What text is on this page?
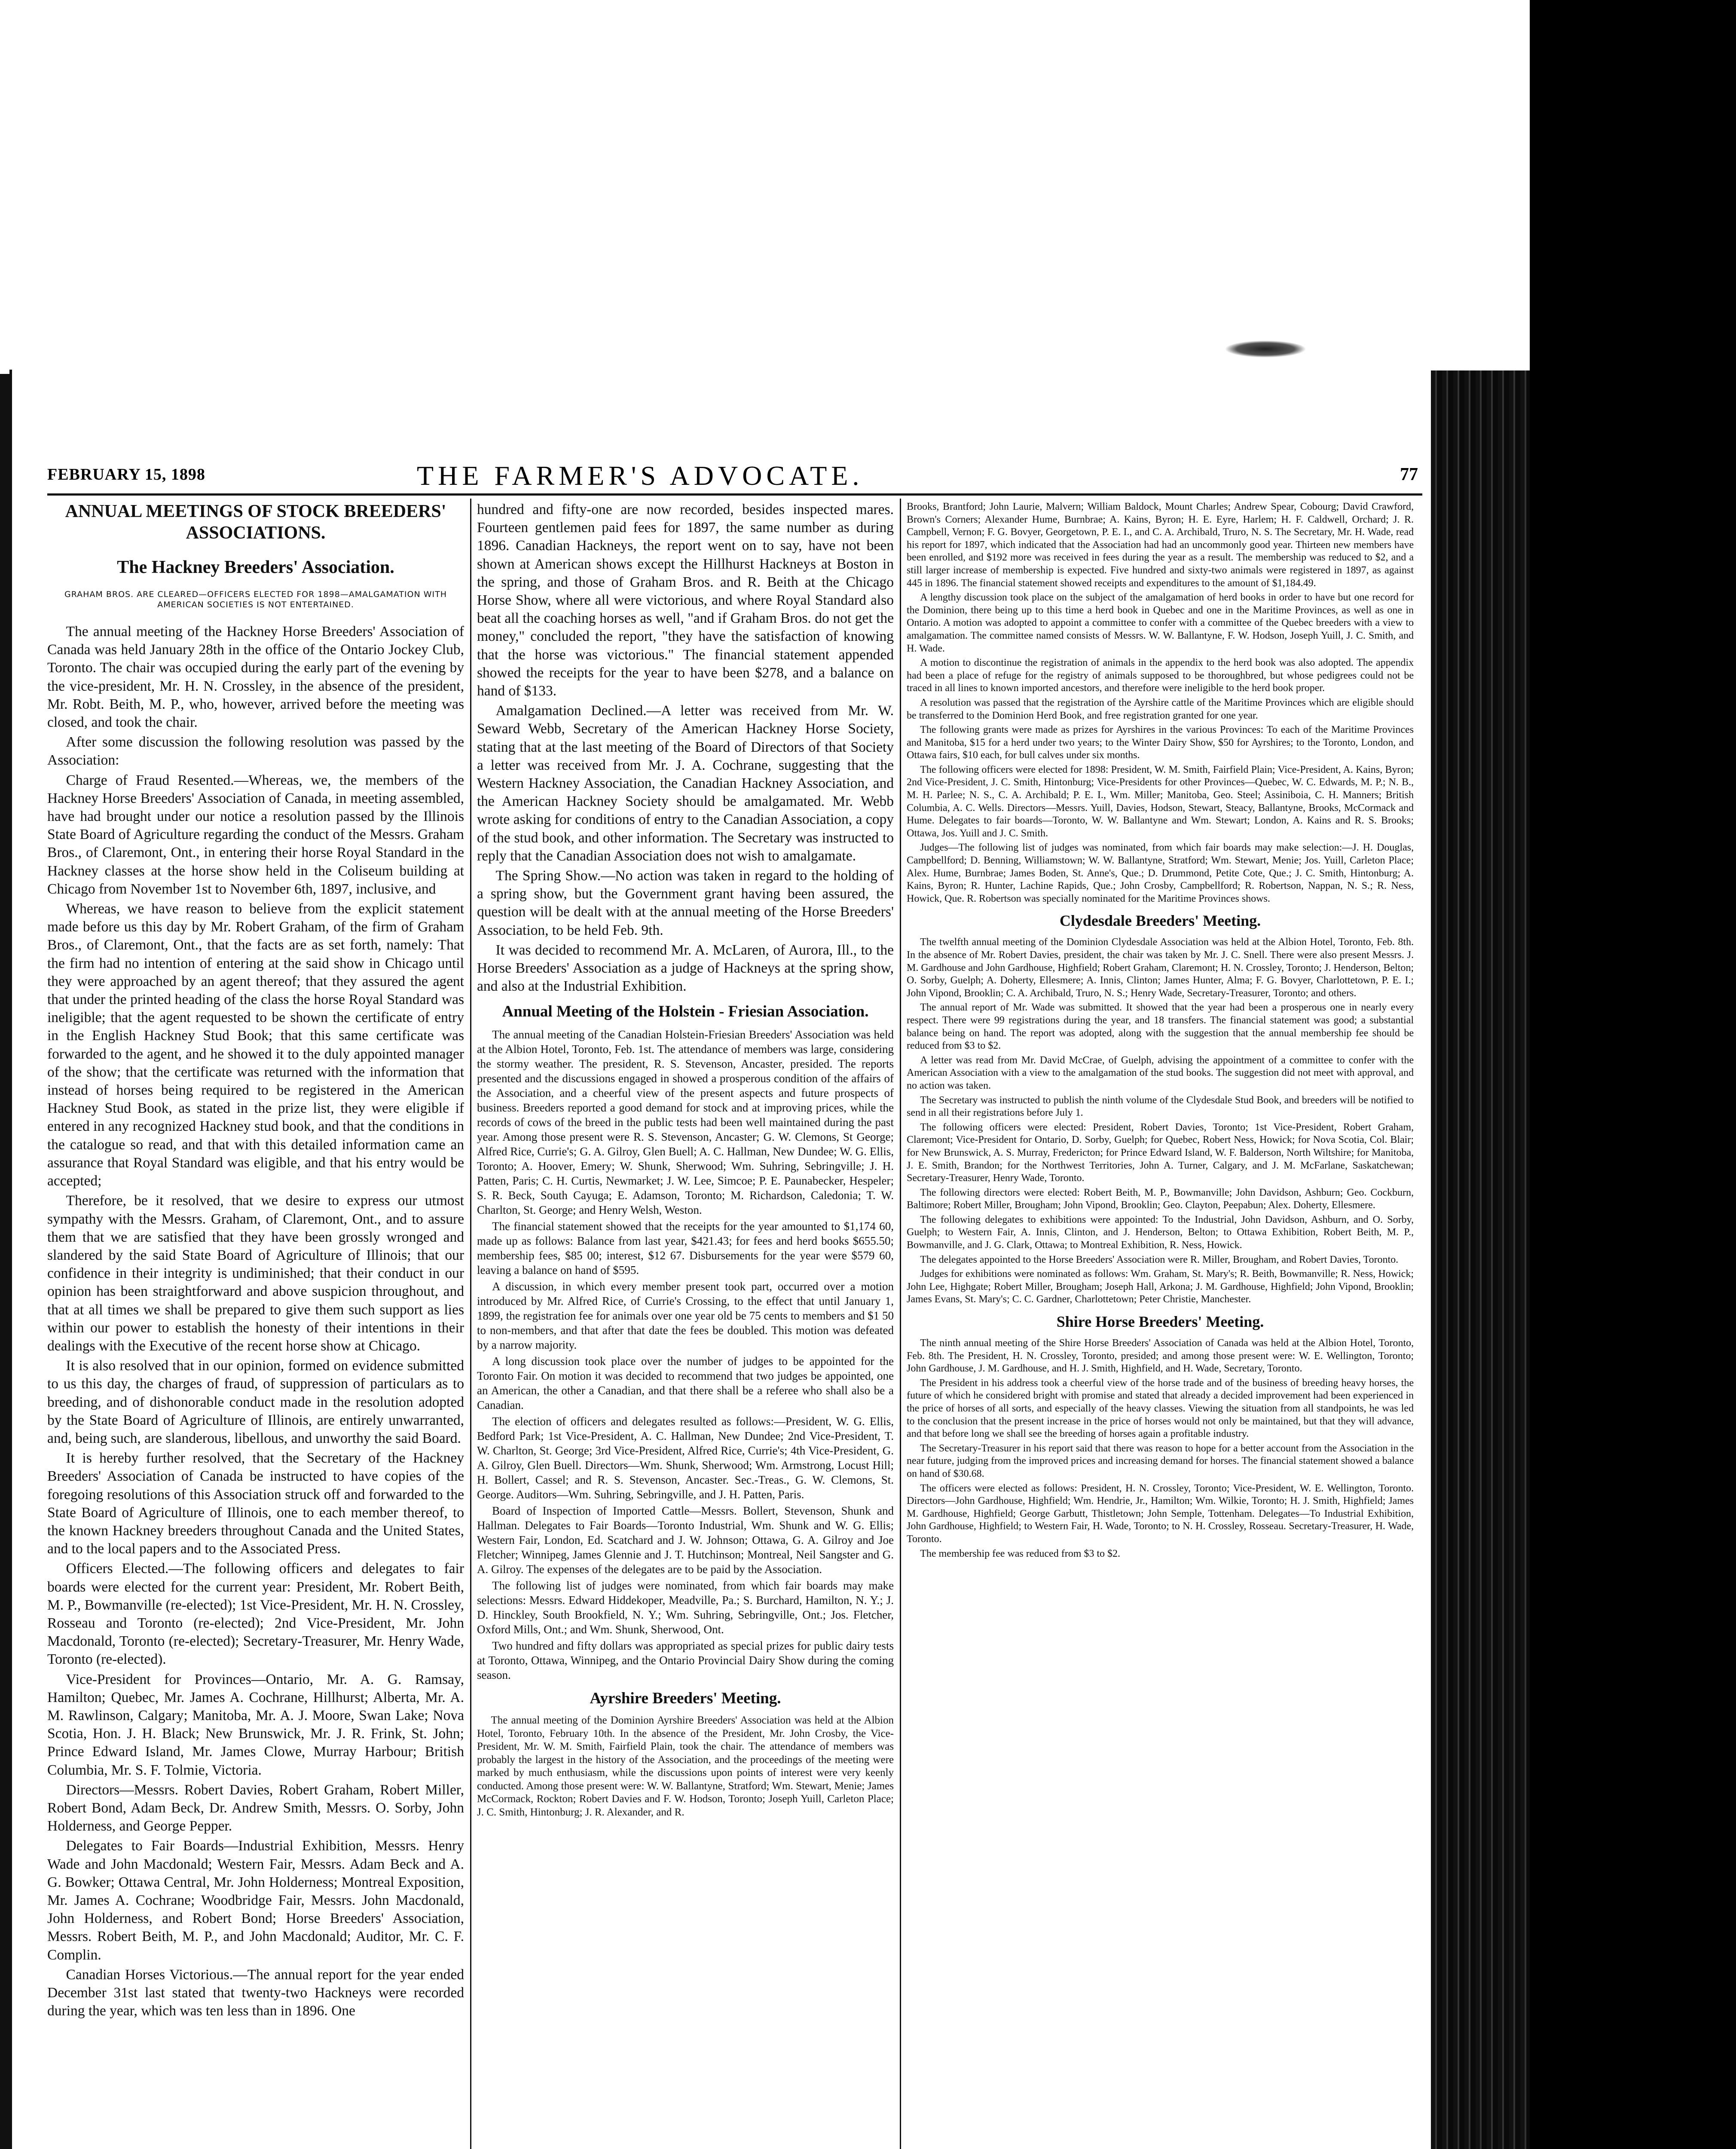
FEBRUARY 15, 1898	THE FARMER'S ADVOCATE.	77
ANNUAL MEETINGS OF STOCK BREEDERS' ASSOCIATIONS.
The Hackney Breeders' Association.
GRAHAM BROS. ARE CLEARED—OFFICERS ELECTED FOR 1898—AMALGAMATION WITH AMERICAN SOCIETIES IS NOT ENTERTAINED.

The annual meeting of the Hackney Horse Breeders' Association of Canada was held January 28th in the office of the Ontario Jockey Club, Toronto. The chair was occupied during the early part of the evening by the vice-president, Mr. H. N. Crossley, in the absence of the president, Mr. Robt. Beith, M. P., who, however, arrived before the meeting was closed, and took the chair.

After some discussion the following resolution was passed by the Association:

Charge of Fraud Resented.—Whereas, we, the members of the Hackney Horse Breeders' Association of Canada, in meeting assembled, have had brought under our notice a resolution passed by the Illinois State Board of Agriculture regarding the conduct of the Messrs. Graham Bros., of Claremont, Ont., in entering their horse Royal Standard in the Hackney classes at the horse show held in the Coliseum building at Chicago from November 1st to November 6th, 1897, inclusive, and

Whereas, we have reason to believe from the explicit statement made before us this day by Mr. Robert Graham, of the firm of Graham Bros., of Claremont, Ont., that the facts are as set forth, namely: That the firm had no intention of entering at the said show in Chicago until they were approached by an agent thereof; that they assured the agent that under the printed heading of the class the horse Royal Standard was ineligible; that the agent requested to be shown the certificate of entry in the English Hackney Stud Book; that this same certificate was forwarded to the agent, and he showed it to the duly appointed manager of the show; that the certificate was returned with the information that instead of horses being required to be registered in the American Hackney Stud Book, as stated in the prize list, they were eligible if entered in any recognized Hackney stud book, and that the conditions in the catalogue so read, and that with this detailed information came an assurance that Royal Standard was eligible, and that his entry would be accepted;

Therefore, be it resolved, that we desire to express our utmost sympathy with the Messrs. Graham, of Claremont, Ont., and to assure them that we are satisfied that they have been grossly wronged and slandered by the said State Board of Agriculture of Illinois; that our confidence in their integrity is undiminished; that their conduct in our opinion has been straightforward and above suspicion throughout, and that at all times we shall be prepared to give them such support as lies within our power to establish the honesty of their intentions in their dealings with the Executive of the recent horse show at Chicago.

It is also resolved that in our opinion, formed on evidence submitted to us this day, the charges of fraud, of suppression of particulars as to breeding, and of dishonorable conduct made in the resolution adopted by the State Board of Agriculture of Illinois, are entirely unwarranted, and, being such, are slanderous, libellous, and unworthy the said Board.

It is hereby further resolved, that the Secretary of the Hackney Breeders' Association of Canada be instructed to have copies of the foregoing resolutions of this Association struck off and forwarded to the State Board of Agriculture of Illinois, one to each member thereof, to the known Hackney breeders throughout Canada and the United States, and to the local papers and to the Associated Press.

Officers Elected.—The following officers and delegates to fair boards were elected for the current year: President, Mr. Robert Beith, M. P., Bowmanville (re-elected); 1st Vice-President, Mr. H. N. Crossley, Rosseau and Toronto (re-elected); 2nd Vice-President, Mr. John Macdonald, Toronto (re-elected); Secretary-Treasurer, Mr. Henry Wade, Toronto (re-elected).

Vice-President for Provinces—Ontario, Mr. A. G. Ramsay, Hamilton; Quebec, Mr. James A. Cochrane, Hillhurst; Alberta, Mr. A. M. Rawlinson, Calgary; Manitoba, Mr. A. J. Moore, Swan Lake; Nova Scotia, Hon. J. H. Black; New Brunswick, Mr. J. R. Frink, St. John; Prince Edward Island, Mr. James Clowe, Murray Harbour; British Columbia, Mr. S. F. Tolmie, Victoria.

Directors—Messrs. Robert Davies, Robert Graham, Robert Miller, Robert Bond, Adam Beck, Dr. Andrew Smith, Messrs. O. Sorby, John Holderness, and George Pepper.

Delegates to Fair Boards—Industrial Exhibition, Messrs. Henry Wade and John Macdonald; Western Fair, Messrs. Adam Beck and A. G. Bowker; Ottawa Central, Mr. John Holderness; Montreal Exposition, Mr. James A. Cochrane; Woodbridge Fair, Messrs. John Macdonald, John Holderness, and Robert Bond; Horse Breeders' Association, Messrs. Robert Beith, M. P., and John Macdonald; Auditor, Mr. C. F. Complin.

Canadian Horses Victorious.—The annual report for the year ended December 31st last stated that twenty-two Hackneys were recorded during the year, which was ten less than in 1896. One

hundred and fifty-one are now recorded, besides inspected mares. Fourteen gentlemen paid fees for 1897, the same number as during 1896. Canadian Hackneys, the report went on to say, have not been shown at American shows except the Hillhurst Hackneys at Boston in the spring, and those of Graham Bros. and R. Beith at the Chicago Horse Show, where all were victorious, and where Royal Standard also beat all the coaching horses as well, "and if Graham Bros. do not get the money," concluded the report, "they have the satisfaction of knowing that the horse was victorious." The financial statement appended showed the receipts for the year to have been $278, and a balance on hand of $133.

Amalgamation Declined.—A letter was received from Mr. W. Seward Webb, Secretary of the American Hackney Horse Society, stating that at the last meeting of the Board of Directors of that Society a letter was received from Mr. J. A. Cochrane, suggesting that the Western Hackney Association, the Canadian Hackney Association, and the American Hackney Society should be amalgamated. Mr. Webb wrote asking for conditions of entry to the Canadian Association, a copy of the stud book, and other information. The Secretary was instructed to reply that the Canadian Association does not wish to amalgamate.

The Spring Show.—No action was taken in regard to the holding of a spring show, but the Government grant having been assured, the question will be dealt with at the annual meeting of the Horse Breeders' Association, to be held Feb. 9th.

It was decided to recommend Mr. A. McLaren, of Aurora, Ill., to the Horse Breeders' Association as a judge of Hackneys at the spring show, and also at the Industrial Exhibition.

Annual Meeting of the Holstein - Friesian Association.

The annual meeting of the Canadian Holstein-Friesian Breeders' Association was held at the Albion Hotel, Toronto, Feb. 1st. The attendance of members was large, considering the stormy weather. The president, R. S. Stevenson, Ancaster, presided. The reports presented and the discussions engaged in showed a prosperous condition of the affairs of the Association, and a cheerful view of the present aspects and future prospects of business. Breeders reported a good demand for stock and at improving prices, while the records of cows of the breed in the public tests had been well maintained during the past year. Among those present were R. S. Stevenson, Ancaster; G. W. Clemons, St George; Alfred Rice, Currie's; G. A. Gilroy, Glen Buell; A. C. Hallman, New Dundee; W. G. Ellis, Toronto; A. Hoover, Emery; W. Shunk, Sherwood; Wm. Suhring, Sebringville; J. H. Patten, Paris; C. H. Curtis, Newmarket; J. W. Lee, Simcoe; P. E. Paunabecker, Hespeler; S. R. Beck, South Cayuga; E. Adamson, Toronto; M. Richardson, Caledonia; T. W. Charlton, St. George; and Henry Welsh, Weston.

The financial statement showed that the receipts for the year amounted to $1,174 60, made up as follows: Balance from last year, $421.43; for fees and herd books $655.50; membership fees, $85 00; interest, $12 67. Disbursements for the year were $579 60, leaving a balance on hand of $595.

A discussion, in which every member present took part, occurred over a motion introduced by Mr. Alfred Rice, of Currie's Crossing, to the effect that until January 1, 1899, the registration fee for animals over one year old be 75 cents to members and $1 50 to non-members, and that after that date the fees be doubled. This motion was defeated by a narrow majority.

A long discussion took place over the number of judges to be appointed for the Toronto Fair. On motion it was decided to recommend that two judges be appointed, one an American, the other a Canadian, and that there shall be a referee who shall also be a Canadian.

The election of officers and delegates resulted as follows:—President, W. G. Ellis, Bedford Park; 1st Vice-President, A. C. Hallman, New Dundee; 2nd Vice-President, T. W. Charlton, St. George; 3rd Vice-President, Alfred Rice, Currie's; 4th Vice-President, G. A. Gilroy, Glen Buell. Directors—Wm. Shunk, Sherwood; Wm. Armstrong, Locust Hill; H. Bollert, Cassel; and R. S. Stevenson, Ancaster. Sec.-Treas., G. W. Clemons, St. George. Auditors—Wm. Suhring, Sebringville, and J. H. Patten, Paris.

Board of Inspection of Imported Cattle—Messrs. Bollert, Stevenson, Shunk and Hallman. Delegates to Fair Boards—Toronto Industrial, Wm. Shunk and W. G. Ellis; Western Fair, London, Ed. Scatchard and J. W. Johnson; Ottawa, G. A. Gilroy and Joe Fletcher; Winnipeg, James Glennie and J. T. Hutchinson; Montreal, Neil Sangster and G. A. Gilroy. The expenses of the delegates are to be paid by the Association.

The following list of judges were nominated, from which fair boards may make selections: Messrs. Edward Hiddekoper, Meadville, Pa.; S. Burchard, Hamilton, N. Y.; J. D. Hinckley, South Brookfield, N. Y.; Wm. Suhring, Sebringville, Ont.; Jos. Fletcher, Oxford Mills, Ont.; and Wm. Shunk, Sherwood, Ont.

Two hundred and fifty dollars was appropriated as special prizes for public dairy tests at Toronto, Ottawa, Winnipeg, and the Ontario Provincial Dairy Show during the coming season.

Ayrshire Breeders' Meeting.

The annual meeting of the Dominion Ayrshire Breeders' Association was held at the Albion Hotel, Toronto, February 10th. In the absence of the President, Mr. John Crosby, the Vice-President, Mr. W. M. Smith, Fairfield Plain, took the chair. The attendance of members was probably the largest in the history of the Association, and the proceedings of the meeting were marked by much enthusiasm, while the discussions upon points of interest were very keenly conducted. Among those present were: W. W. Ballantyne, Stratford; Wm. Stewart, Menie; James McCormack, Rockton; Robert Davies and F. W. Hodson, Toronto; Joseph Yuill, Carleton Place; J. C. Smith, Hintonburg; J. R. Alexander, and R.

Brooks, Brantford; John Laurie, Malvern; William Baldock, Mount Charles; Andrew Spear, Cobourg; David Crawford, Brown's Corners; Alexander Hume, Burnbrae; A. Kains, Byron; H. E. Eyre, Harlem; H. F. Caldwell, Orchard; J. R. Campbell, Vernon; F. G. Bovyer, Georgetown, P. E. I., and C. A. Archibald, Truro, N. S. The Secretary, Mr. H. Wade, read his report for 1897, which indicated that the Association had had an uncommonly good year. Thirteen new members have been enrolled, and $192 more was received in fees during the year as a result. The membership was reduced to $2, and a still larger increase of membership is expected. Five hundred and sixty-two animals were registered in 1897, as against 445 in 1896. The financial statement showed receipts and expenditures to the amount of $1,184.49.

A lengthy discussion took place on the subject of the amalgamation of herd books in order to have but one record for the Dominion, there being up to this time a herd book in Quebec and one in the Maritime Provinces, as well as one in Ontario. A motion was adopted to appoint a committee to confer with a committee of the Quebec breeders with a view to amalgamation. The committee named consists of Messrs. W. W. Ballantyne, F. W. Hodson, Joseph Yuill, J. C. Smith, and H. Wade.

A motion to discontinue the registration of animals in the appendix to the herd book was also adopted. The appendix had been a place of refuge for the registry of animals supposed to be thoroughbred, but whose pedigrees could not be traced in all lines to known imported ancestors, and therefore were ineligible to the herd book proper.

A resolution was passed that the registration of the Ayrshire cattle of the Maritime Provinces which are eligible should be transferred to the Dominion Herd Book, and free registration granted for one year.

The following grants were made as prizes for Ayrshires in the various Provinces: To each of the Maritime Provinces and Manitoba, $15 for a herd under two years; to the Winter Dairy Show, $50 for Ayrshires; to the Toronto, London, and Ottawa fairs, $10 each, for bull calves under six months.

The following officers were elected for 1898: President, W. M. Smith, Fairfield Plain; Vice-President, A. Kains, Byron; 2nd Vice-President, J. C. Smith, Hintonburg; Vice-Presidents for other Provinces—Quebec, W. C. Edwards, M. P.; N. B., M. H. Parlee; N. S., C. A. Archibald; P. E. I., Wm. Miller; Manitoba, Geo. Steel; Assiniboia, C. H. Manners; British Columbia, A. C. Wells. Directors—Messrs. Yuill, Davies, Hodson, Stewart, Steacy, Ballantyne, Brooks, McCormack and Hume. Delegates to fair boards—Toronto, W. W. Ballantyne and Wm. Stewart; London, A. Kains and R. S. Brooks; Ottawa, Jos. Yuill and J. C. Smith.

Judges—The following list of judges was nominated, from which fair boards may make selection:—J. H. Douglas, Campbellford; D. Benning, Williamstown; W. W. Ballantyne, Stratford; Wm. Stewart, Menie; Jos. Yuill, Carleton Place; Alex. Hume, Burnbrae; James Boden, St. Anne's, Que.; D. Drummond, Petite Cote, Que.; J. C. Smith, Hintonburg; A. Kains, Byron; R. Hunter, Lachine Rapids, Que.; John Crosby, Campbellford; R. Robertson, Nappan, N. S.; R. Ness, Howick, Que. R. Robertson was specially nominated for the Maritime Provinces shows.

Clydesdale Breeders' Meeting.

The twelfth annual meeting of the Dominion Clydesdale Association was held at the Albion Hotel, Toronto, Feb. 8th. In the absence of Mr. Robert Davies, president, the chair was taken by Mr. J. C. Snell. There were also present Messrs. J. M. Gardhouse and John Gardhouse, Highfield; Robert Graham, Claremont; H. N. Crossley, Toronto; J. Henderson, Belton; O. Sorby, Guelph; A. Doherty, Ellesmere; A. Innis, Clinton; James Hunter, Alma; F. G. Bovyer, Charlottetown, P. E. I.; John Vipond, Brooklin; C. A. Archibald, Truro, N. S.; Henry Wade, Secretary-Treasurer, Toronto; and others.

The annual report of Mr. Wade was submitted. It showed that the year had been a prosperous one in nearly every respect. There were 99 registrations during the year, and 18 transfers. The financial statement was good; a substantial balance being on hand. The report was adopted, along with the suggestion that the annual membership fee should be reduced from $3 to $2.

A letter was read from Mr. David McCrae, of Guelph, advising the appointment of a committee to confer with the American Association with a view to the amalgamation of the stud books. The suggestion did not meet with approval, and no action was taken.

The Secretary was instructed to publish the ninth volume of the Clydesdale Stud Book, and breeders will be notified to send in all their registrations before July 1.

The following officers were elected: President, Robert Davies, Toronto; 1st Vice-President, Robert Graham, Claremont; Vice-President for Ontario, D. Sorby, Guelph; for Quebec, Robert Ness, Howick; for Nova Scotia, Col. Blair; for New Brunswick, A. S. Murray, Fredericton; for Prince Edward Island, W. F. Balderson, North Wiltshire; for Manitoba, J. E. Smith, Brandon; for the Northwest Territories, John A. Turner, Calgary, and J. M. McFarlane, Saskatchewan; Secretary-Treasurer, Henry Wade, Toronto.

The following directors were elected: Robert Beith, M. P., Bowmanville; John Davidson, Ashburn; Geo. Cockburn, Baltimore; Robert Miller, Brougham; John Vipond, Brooklin; Geo. Clayton, Peepabun; Alex. Doherty, Ellesmere.

The following delegates to exhibitions were appointed: To the Industrial, John Davidson, Ashburn, and O. Sorby, Guelph; to Western Fair, A. Innis, Clinton, and J. Henderson, Belton; to Ottawa Exhibition, Robert Beith, M. P., Bowmanville, and J. G. Clark, Ottawa; to Montreal Exhibition, R. Ness, Howick.

The delegates appointed to the Horse Breeders' Association were R. Miller, Brougham, and Robert Davies, Toronto.

Judges for exhibitions were nominated as follows: Wm. Graham, St. Mary's; R. Beith, Bowmanville; R. Ness, Howick; John Lee, Highgate; Robert Miller, Brougham; Joseph Hall, Arkona; J. M. Gardhouse, Highfield; John Vipond, Brooklin; James Evans, St. Mary's; C. C. Gardner, Charlottetown; Peter Christie, Manchester.

Shire Horse Breeders' Meeting.

The ninth annual meeting of the Shire Horse Breeders' Association of Canada was held at the Albion Hotel, Toronto, Feb. 8th. The President, H. N. Crossley, Toronto, presided; and among those present were: W. E. Wellington, Toronto; John Gardhouse, J. M. Gardhouse, and H. J. Smith, Highfield, and H. Wade, Secretary, Toronto.

The President in his address took a cheerful view of the horse trade and of the business of breeding heavy horses, the future of which he considered bright with promise and stated that already a decided improvement had been experienced in the price of horses of all sorts, and especially of the heavy classes. Viewing the situation from all standpoints, he was led to the conclusion that the present increase in the price of horses would not only be maintained, but that they will advance, and that before long we shall see the breeding of horses again a profitable industry.

The Secretary-Treasurer in his report said that there was reason to hope for a better account from the Association in the near future, judging from the improved prices and increasing demand for horses. The financial statement showed a balance on hand of $30.68.

The officers were elected as follows: President, H. N. Crossley, Toronto; Vice-President, W. E. Wellington, Toronto. Directors—John Gardhouse, Highfield; Wm. Hendrie, Jr., Hamilton; Wm. Wilkie, Toronto; H. J. Smith, Highfield; James M. Gardhouse, Highfield; George Garbutt, Thistletown; John Semple, Tottenham. Delegates—To Industrial Exhibition, John Gardhouse, Highfield; to Western Fair, H. Wade, Toronto; to N. H. Crossley, Rosseau. Secretary-Treasurer, H. Wade, Toronto.

The membership fee was reduced from $3 to $2.
